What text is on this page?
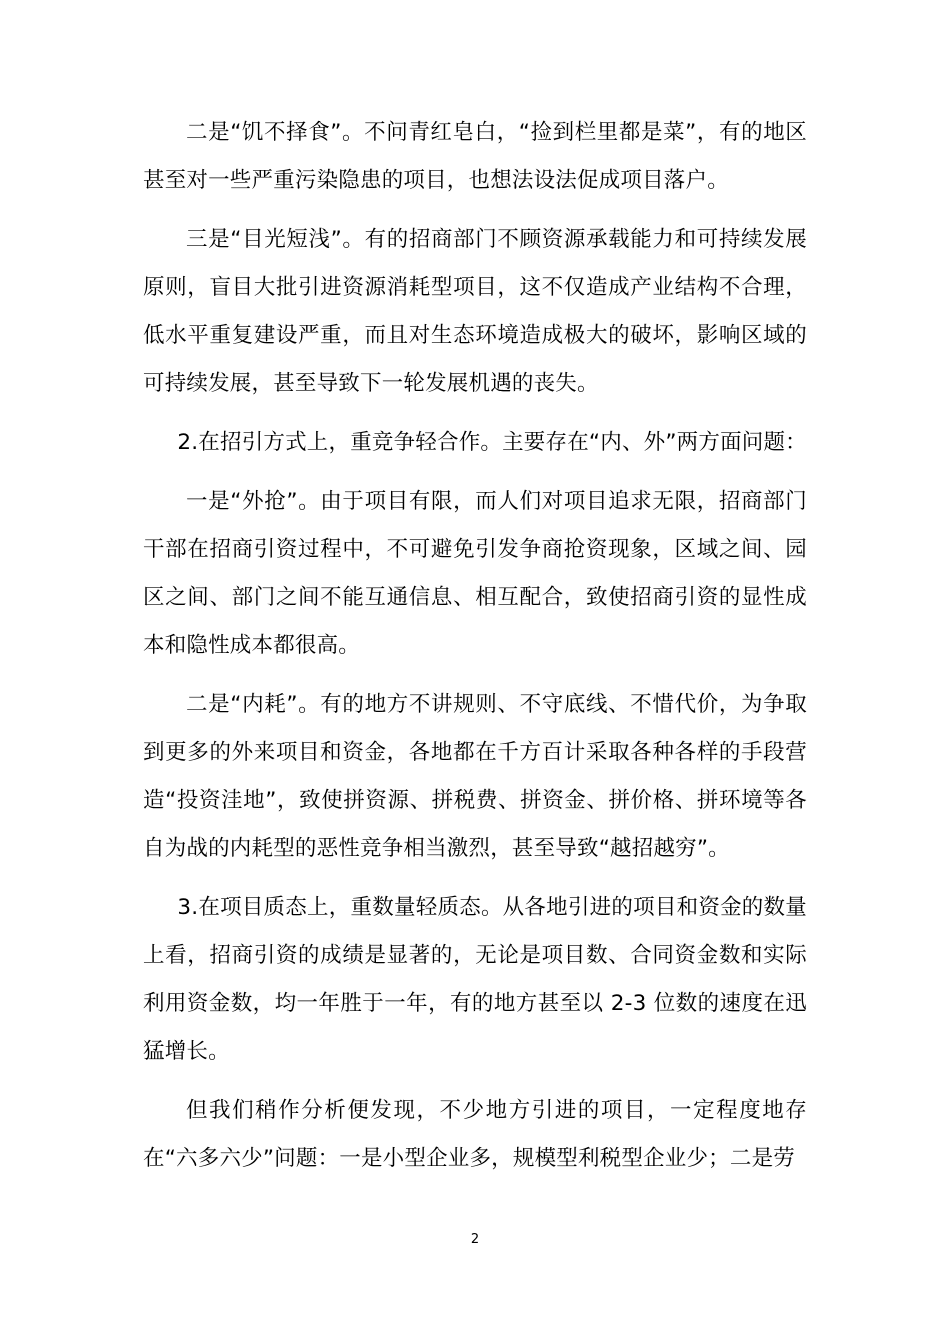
二是“饥不择食”。不问青红皂白，“捡到栏里都是菜”，有的地区甚至对一些严重污染隐患的项目，也想法设法促成项目落户。

三是“目光短浅”。有的招商部门不顾资源承载能力和可持续发展原则，盲目大批引进资源消耗型项目，这不仅造成产业结构不合理，低水平重复建设严重，而且对生态环境造成极大的破坏，影响区域的可持续发展，甚至导致下一轮发展机遇的丧失。

2.在招引方式上，重竞争轻合作。主要存在“内、外”两方面问题：

一是“外抢”。由于项目有限，而人们对项目追求无限，招商部门干部在招商引资过程中，不可避免引发争商抢资现象，区域之间、园区之间、部门之间不能互通信息、相互配合，致使招商引资的显性成本和隐性成本都很高。

二是“内耗”。有的地方不讲规则、不守底线、不惜代价，为争取到更多的外来项目和资金，各地都在千方百计采取各种各样的手段营造“投资洼地”，致使拼资源、拼税费、拼资金、拼价格、拼环境等各自为战的内耗型的恶性竞争相当激烈，甚至导致“越招越穷”。

3.在项目质态上，重数量轻质态。从各地引进的项目和资金的数量上看，招商引资的成绩是显著的，无论是项目数、合同资金数和实际利用资金数，均一年胜于一年，有的地方甚至以 2-3 位数的速度在迅猛增长。

但我们稍作分析便发现，不少地方引进的项目，一定程度地存在“六多六少”问题：一是小型企业多，规模型利税型企业少；二是劳

2
